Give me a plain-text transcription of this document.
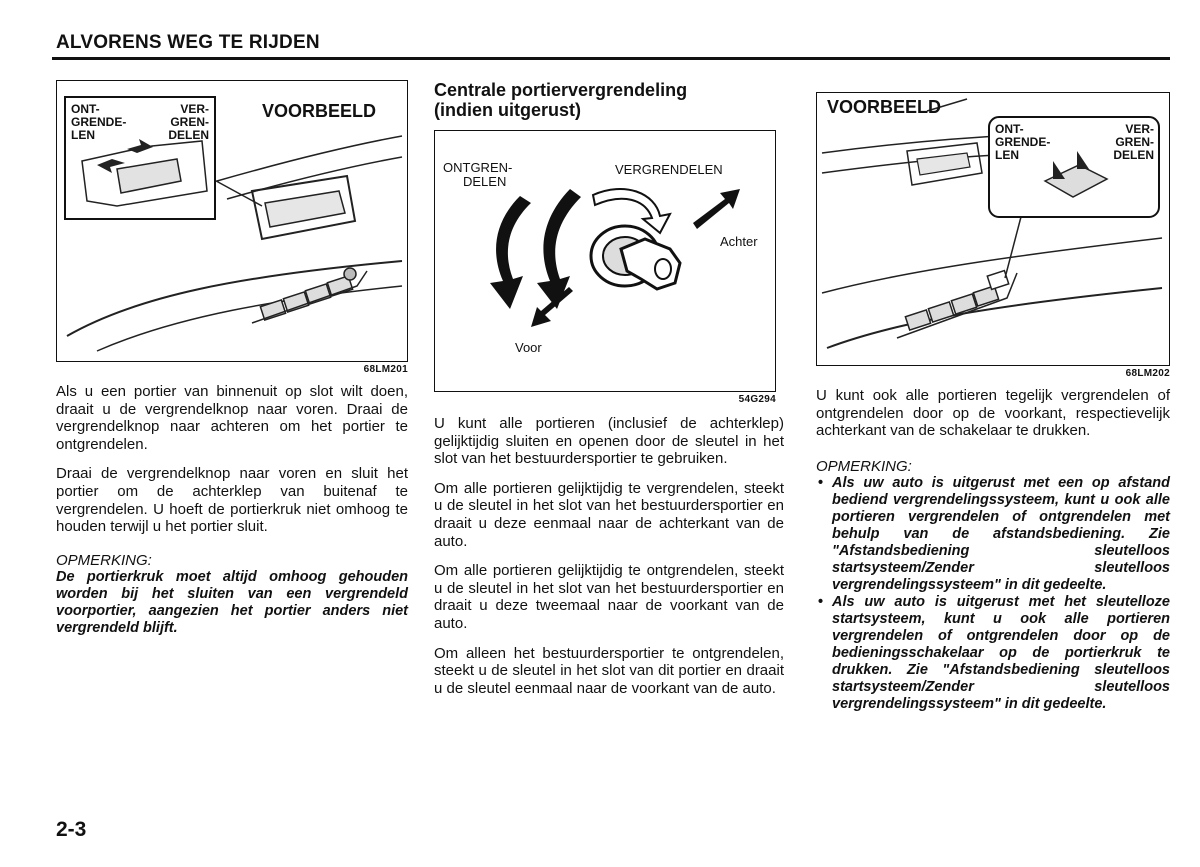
ALVORENS WEG TE RIJDEN
VOORBEELD
ONT-
GRENDE-
LEN
VER-
GREN-
DELEN
68LM201

Als u een portier van binnenuit op slot wilt doen, draait u de vergrendelknop naar voren. Draai de vergrendelknop naar achteren om het portier te ontgrendelen.

Draai de vergrendelknop naar voren en sluit het portier om de achterklep van buitenaf te vergrendelen. U hoeft de portierkruk niet omhoog te houden terwijl u het portier sluit.

OPMERKING:

De portierkruk moet altijd omhoog gehouden worden bij het sluiten van een vergrendeld voorportier, aangezien het portier anders niet vergrendeld blijft.

Centrale portiervergrendeling
(indien uitgerust)
ONTGREN-
DELEN
VERGRENDELEN
Achter
Voor
54G294

U kunt alle portieren (inclusief de achterklep) gelijktijdig sluiten en openen door de sleutel in het slot van het bestuurdersportier te gebruiken.

Om alle portieren gelijktijdig te vergrendelen, steekt u de sleutel in het slot van het bestuurdersportier en draait u deze eenmaal naar de achterkant van de auto.

Om alle portieren gelijktijdig te ontgrendelen, steekt u de sleutel in het slot van het bestuurdersportier en draait u deze tweemaal naar de voorkant van de auto.

Om alleen het bestuurdersportier te ontgrendelen, steekt u de sleutel in het slot van dit portier en draait u de sleutel eenmaal naar de voorkant van de auto.

VOORBEELD
ONT-
GRENDE-
LEN
VER-
GREN-
DELEN
68LM202

U kunt ook alle portieren tegelijk vergrendelen of ontgrendelen door op de voorkant, respectievelijk achterkant van de schakelaar te drukken.

OPMERKING:
• Als uw auto is uitgerust met een op afstand bediend vergrendelingssysteem, kunt u ook alle portieren vergrendelen of ontgrendelen met behulp van de afstandsbediening. Zie "Afstandsbediening sleutelloos startsysteem/Zender sleutelloos vergrendelingssysteem" in dit gedeelte.
• Als uw auto is uitgerust met het sleutelloze startsysteem, kunt u ook alle portieren vergrendelen of ontgrendelen door op de bedieningsschakelaar op de portierkruk te drukken. Zie "Afstandsbediening sleutelloos startsysteem/Zender sleutelloos vergrendelingssysteem" in dit gedeelte.
2-3
